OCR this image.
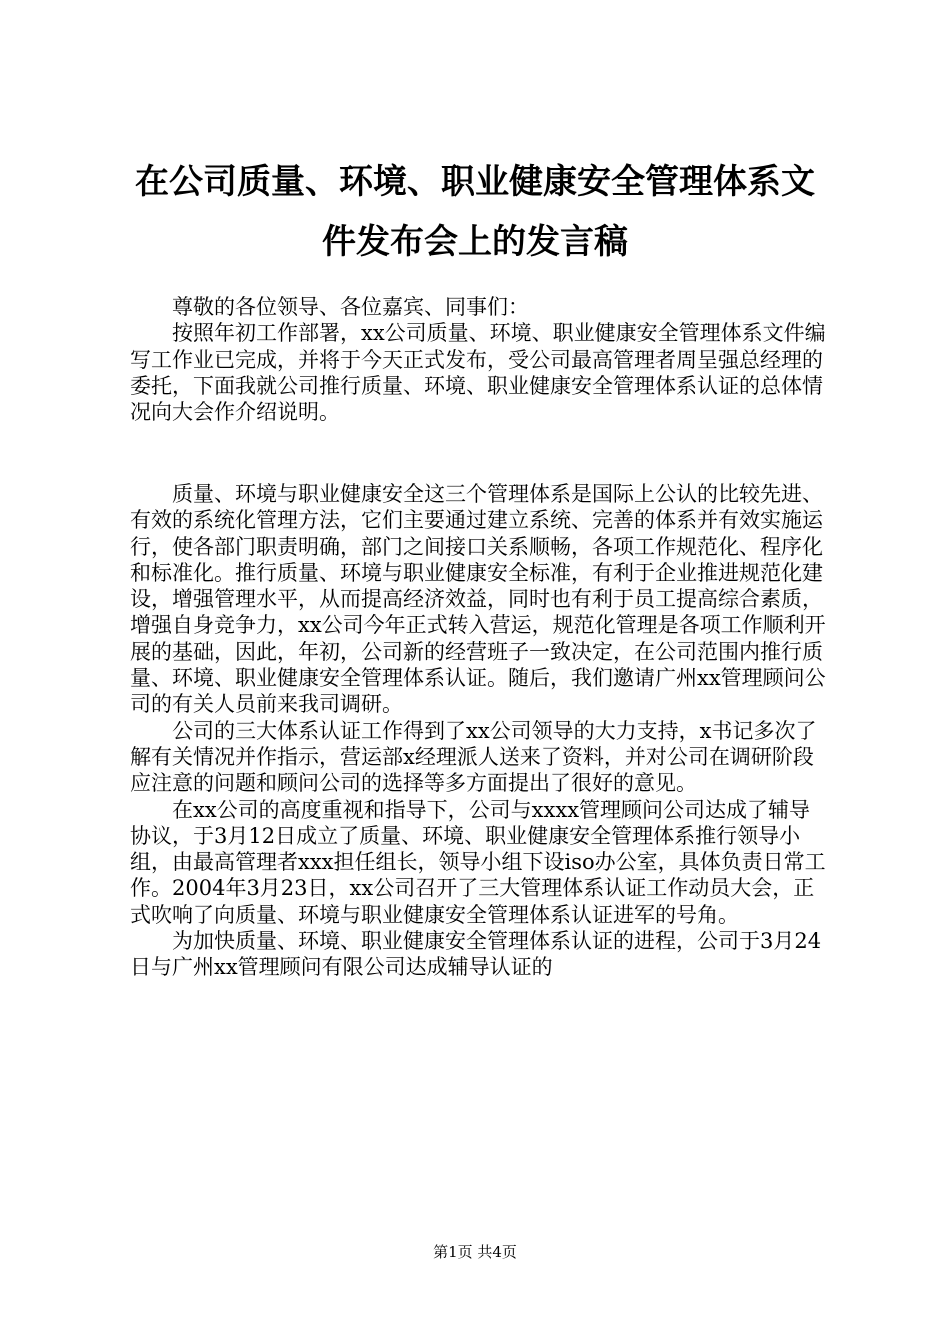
在公司质量、环境、职业健康安全管理体系文
件发布会上的发言稿

尊敬的各位领导、各位嘉宾、同事们：

按照年初工作部署，xx公司质量、环境、职业健康安全管理体系文件编写工作业已完成，并将于今天正式发布，受公司最高管理者周呈强总经理的委托，下面我就公司推行质量、环境、职业健康安全管理体系认证的总体情况向大会作介绍说明。

质量、环境与职业健康安全这三个管理体系是国际上公认的比较先进、有效的系统化管理方法，它们主要通过建立系统、完善的体系并有效实施运行，使各部门职责明确，部门之间接口关系顺畅，各项工作规范化、程序化和标准化。推行质量、环境与职业健康安全标准，有利于企业推进规范化建设，增强管理水平，从而提高经济效益，同时也有利于员工提高综合素质，增强自身竞争力，xx公司今年正式转入营运，规范化管理是各项工作顺利开展的基础，因此，年初，公司新的经营班子一致决定，在公司范围内推行质量、环境、职业健康安全管理体系认证。随后，我们邀请广州xx管理顾问公司的有关人员前来我司调研。

公司的三大体系认证工作得到了xx公司领导的大力支持，x书记多次了解有关情况并作指示，营运部x经理派人送来了资料，并对公司在调研阶段应注意的问题和顾问公司的选择等多方面提出了很好的意见。

在xx公司的高度重视和指导下，公司与xxxx管理顾问公司达成了辅导协议，于3月12日成立了质量、环境、职业健康安全管理体系推行领导小组，由最高管理者xxx担任组长，领导小组下设iso办公室，具体负责日常工作。2004年3月23日，xx公司召开了三大管理体系认证工作动员大会，正式吹响了向质量、环境与职业健康安全管理体系认证进军的号角。

为加快质量、环境、职业健康安全管理体系认证的进程，公司于3月24日与广州xx管理顾问有限公司达成辅导认证的

第1页 共4页
